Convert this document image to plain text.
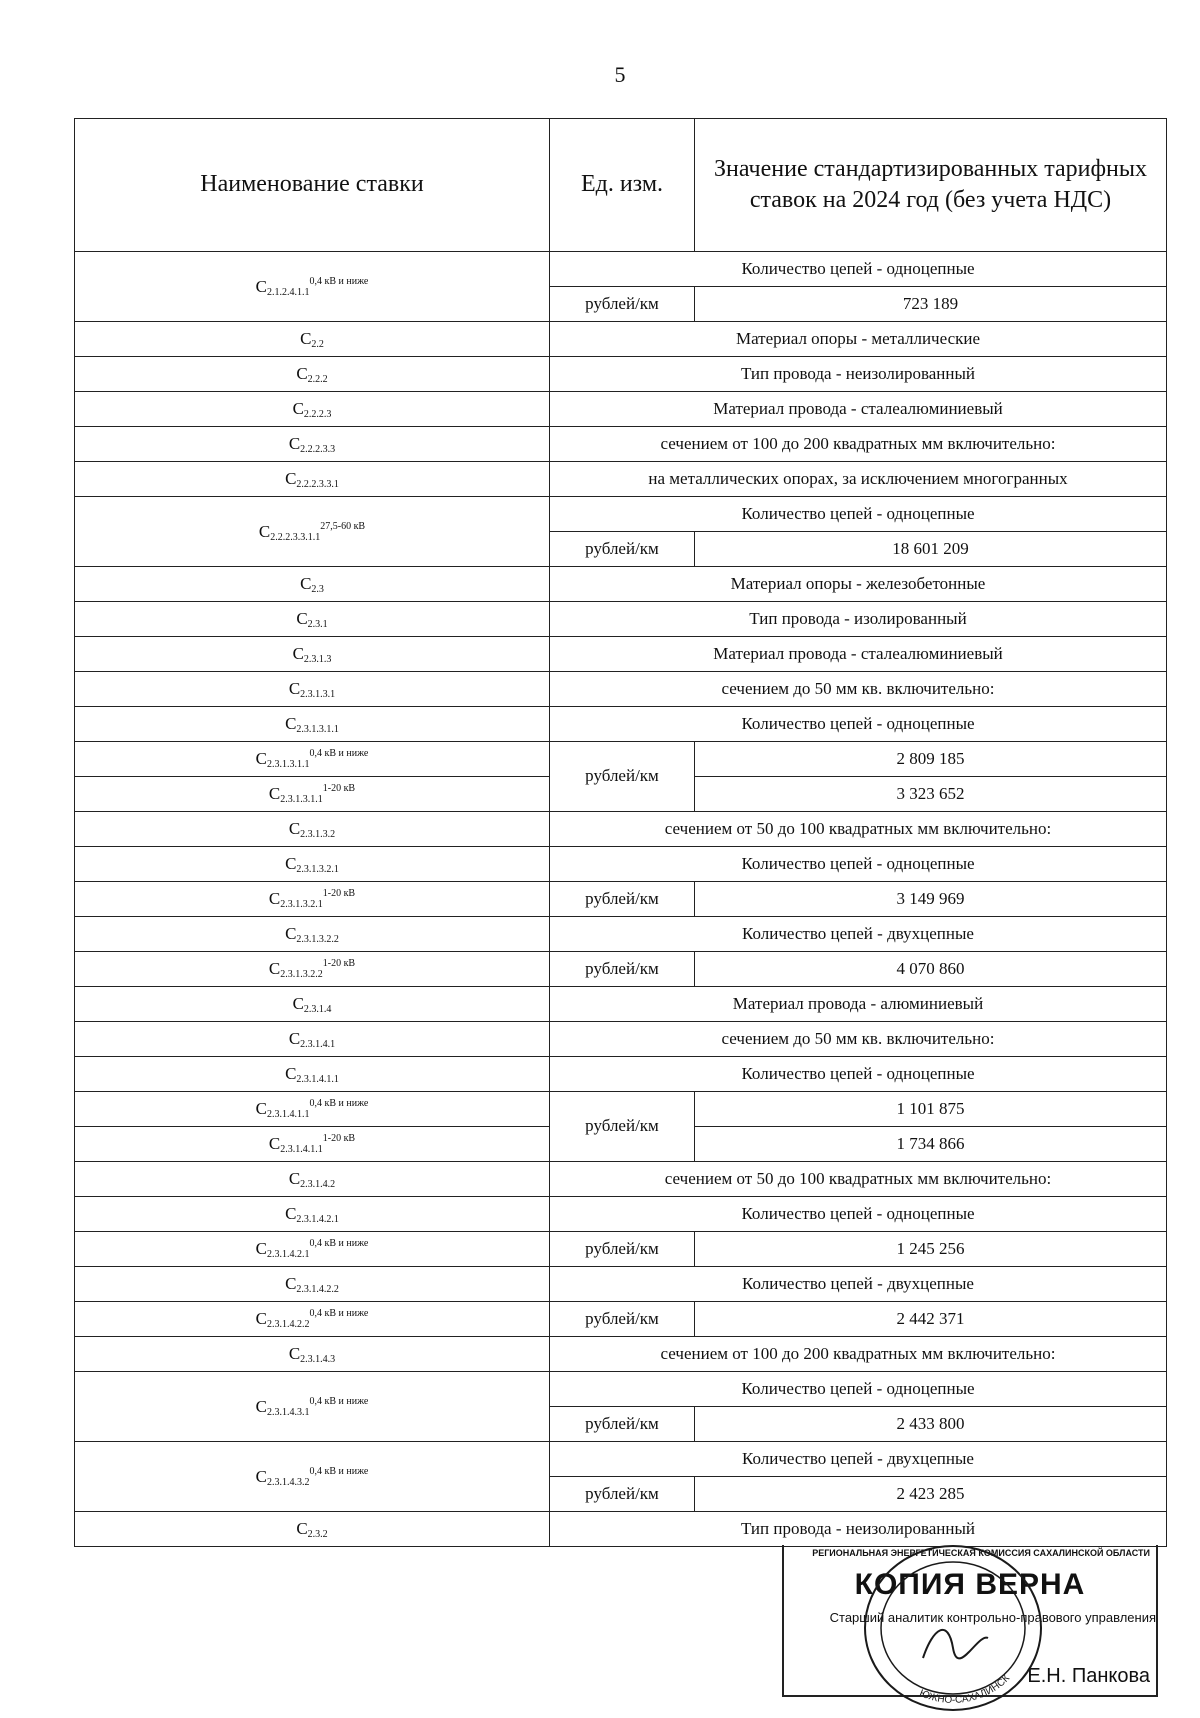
5
Наименование ставки	Ед. изм.	Значение стандартизированных тарифных ставок на 2024 год (без учета НДС)
$C_{2.1.2.4.1.1}^{0,4 кВ и ниже}$	Количество цепей - одноцепные	
	рублей/км	723 189
$C_{2.2}$	Материал опоры - металлические	
$C_{2.2.2}$	Тип провода - неизолированный	
$C_{2.2.2.3}$	Материал провода - сталеалюминиевый	
$C_{2.2.2.3.3}$	сечением от 100 до 200 квадратных мм включительно:	
$C_{2.2.2.3.3.1}$	на металлических опорах, за исключением многогранных	
$C_{2.2.2.3.3.1.1}^{27,5-60 кВ}$	Количество цепей - одноцепные	
	рублей/км	18 601 209
$C_{2.3}$	Материал опоры - железобетонные	
$C_{2.3.1}$	Тип провода - изолированный	
$C_{2.3.1.3}$	Материал провода - сталеалюминиевый	
$C_{2.3.1.3.1}$	сечением до 50 мм кв. включительно:	
$C_{2.3.1.3.1.1}$	Количество цепей - одноцепные	
$C_{2.3.1.3.1.1}^{0,4 кВ и ниже}$	рублей/км	2 809 185
$C_{2.3.1.3.1.1}^{1-20 кВ}$		3 323 652
$C_{2.3.1.3.2}$	сечением от 50 до 100 квадратных мм включительно:	
$C_{2.3.1.3.2.1}$	Количество цепей - одноцепные	
$C_{2.3.1.3.2.1}^{1-20 кВ}$	рублей/км	3 149 969
$C_{2.3.1.3.2.2}$	Количество цепей - двухцепные	
$C_{2.3.1.3.2.2}^{1-20 кВ}$	рублей/км	4 070 860
$C_{2.3.1.4}$	Материал провода - алюминиевый	
$C_{2.3.1.4.1}$	сечением до 50 мм кв. включительно:	
$C_{2.3.1.4.1.1}$	Количество цепей - одноцепные	
$C_{2.3.1.4.1.1}^{0,4 кВ и ниже}$	рублей/км	1 101 875
$C_{2.3.1.4.1.1}^{1-20 кВ}$		1 734 866
$C_{2.3.1.4.2}$	сечением от 50 до 100 квадратных мм включительно:	
$C_{2.3.1.4.2.1}$	Количество цепей - одноцепные	
$C_{2.3.1.4.2.1}^{0,4 кВ и ниже}$	рублей/км	1 245 256
$C_{2.3.1.4.2.2}$	Количество цепей - двухцепные	
$C_{2.3.1.4.2.2}^{0,4 кВ и ниже}$	рублей/км	2 442 371
$C_{2.3.1.4.3}$	сечением от 100 до 200 квадратных мм включительно:	
$C_{2.3.1.4.3.1}^{0,4 кВ и ниже}$	Количество цепей - одноцепные	
	рублей/км	2 433 800
$C_{2.3.1.4.3.2}^{0,4 кВ и ниже}$	Количество цепей - двухцепные	
	рублей/км	2 423 285
$C_{2.3.2}$	Тип провода - неизолированный	
РЕГИОНАЛЬНАЯ ЭНЕРГЕТИЧЕСКАЯ КОМИССИЯ САХАЛИНСКОЙ ОБЛАСТИ
КОПИЯ ВЕРНА
Старший аналитик контрольно-правового управления
Е.Н. Панкова
ЮЖНО-САХАЛИНСК
